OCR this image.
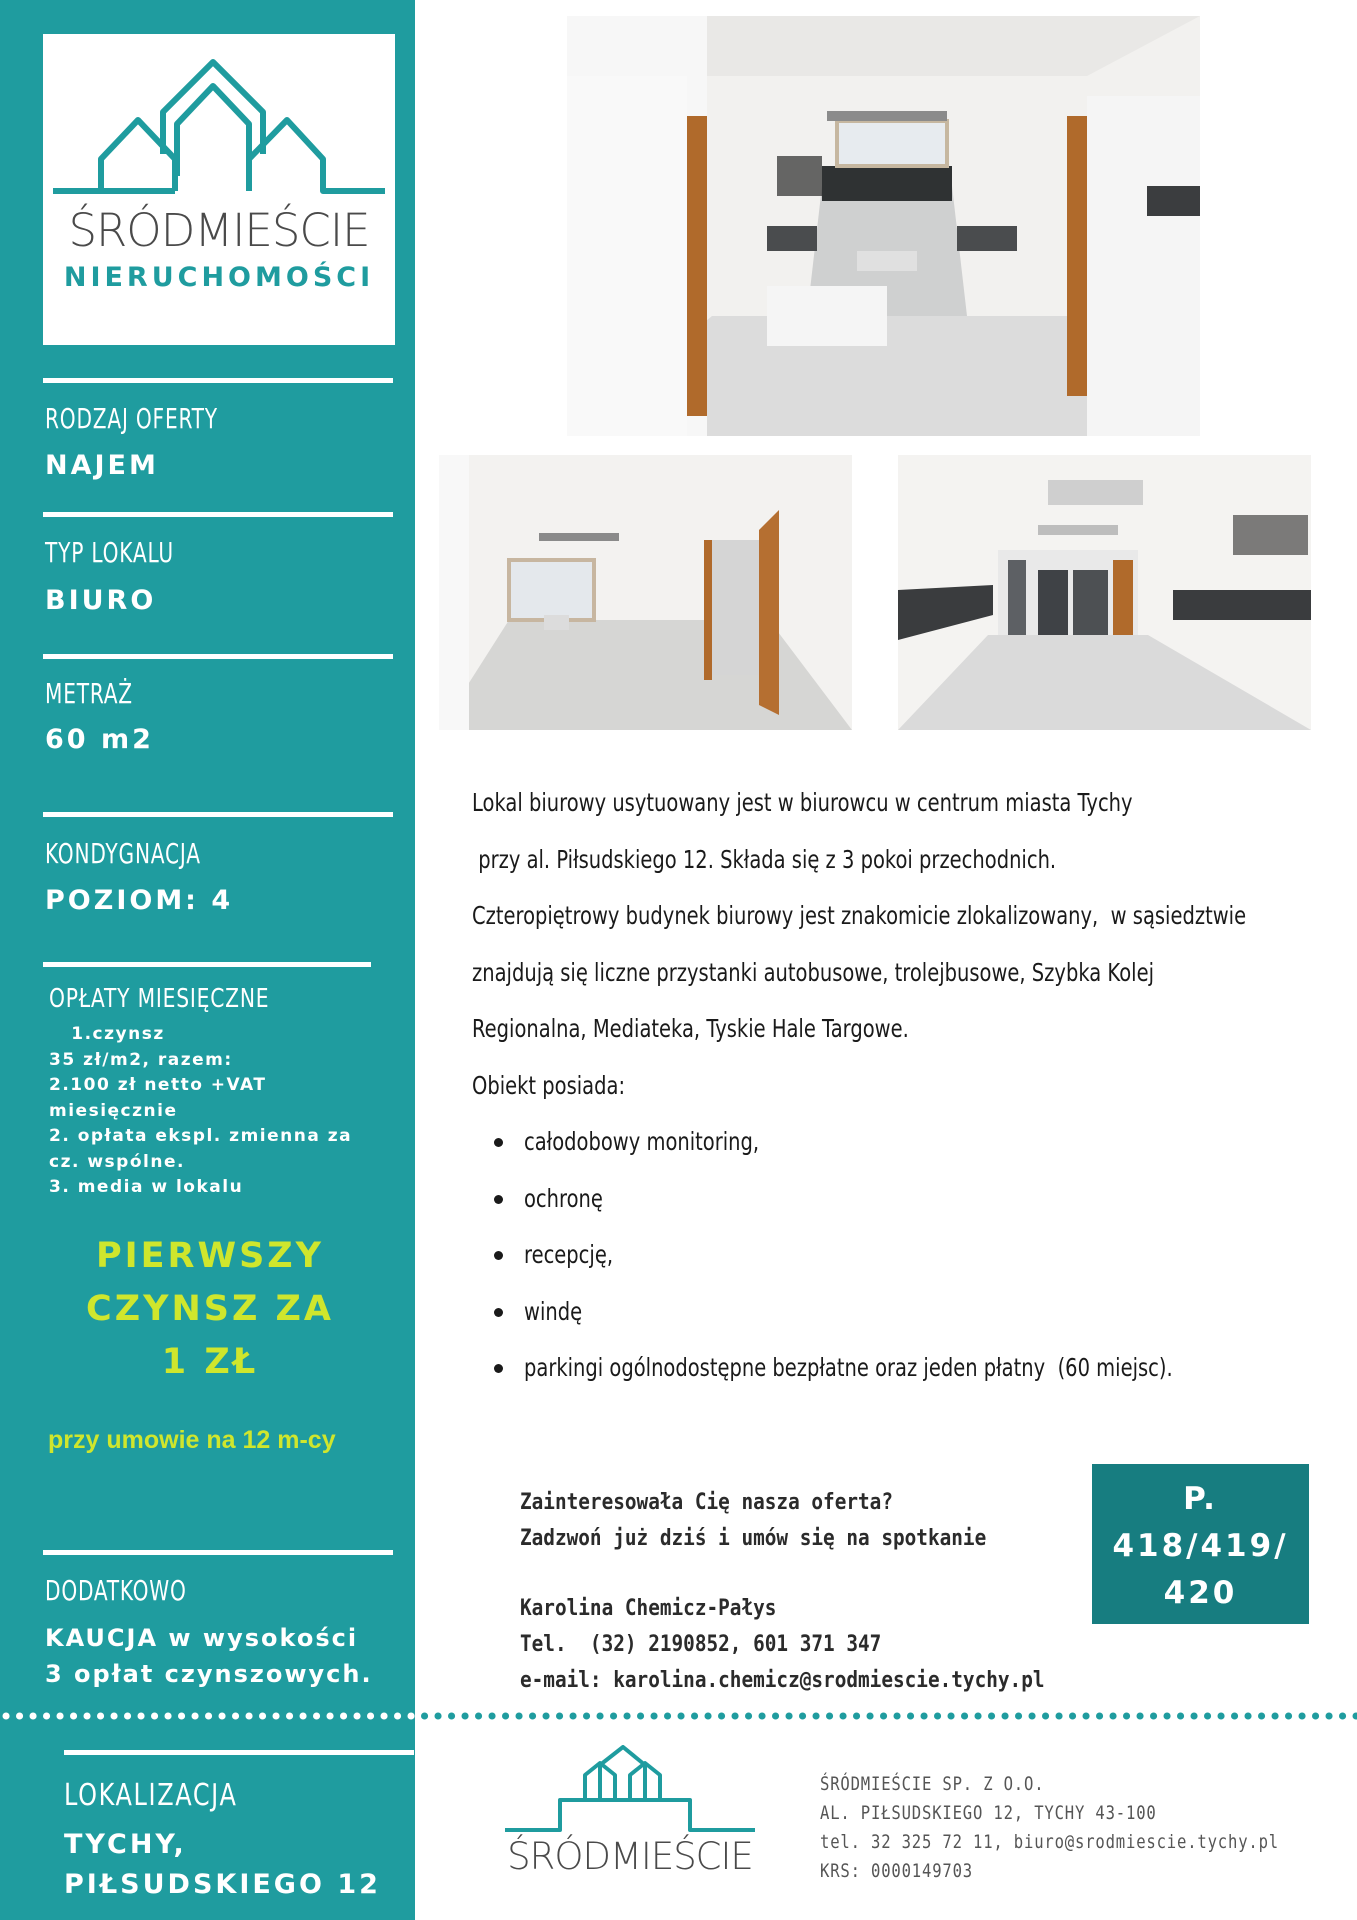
ŚRÓDMIEŚCIE
NIERUCHOMOŚCI
RODZAJ OFERTY
NAJEM
TYP LOKALU
BIURO
METRAŻ
60 m2
KONDYGNACJA
POZIOM: 4
OPŁATY MIESIĘCZNE
1.czynsz
35 zł/m2, razem:
2.100 zł netto +VAT
miesięcznie
2. opłata ekspl. zmienna za
cz. wspólne.
3. media w lokalu
PIERWSZY
CZYNSZ ZA
1 ZŁ
przy umowie na 12 m-cy
DODATKOWO
KAUCJA w wysokości
3 opłat czynszowych.
LOKALIZACJA
TYCHY,
PIŁSUDSKIEGO 12
Lokal biurowy usytuowany jest w biurowcu w centrum miasta Tychy
przy al. Piłsudskiego 12. Składa się z 3 pokoi przechodnich.
Czteropiętrowy budynek biurowy jest znakomicie zlokalizowany,  w sąsiedztwie
znajdują się liczne przystanki autobusowe, trolejbusowe, Szybka Kolej
Regionalna, Mediateka, Tyskie Hale Targowe.
Obiekt posiada:
całodobowy monitoring,
ochronę
recepcję,
windę
parkingi ogólnodostępne bezpłatne oraz jeden płatny  (60 miejsc).
Zainteresowała Cię nasza oferta?
Zadzwoń już dziś i umów się na spotkanie
Karolina Chemicz-Pałys
Tel.  (32) 2190852, 601 371 347
e-mail: karolina.chemicz@srodmiescie.tychy.pl
P.
418/419/
420
ŚRÓDMIEŚCIE
ŚRÓDMIEŚCIE SP. Z O.O.
AL. PIŁSUDSKIEGO 12, TYCHY 43-100
tel. 32 325 72 11, biuro@srodmiescie.tychy.pl
KRS: 0000149703
